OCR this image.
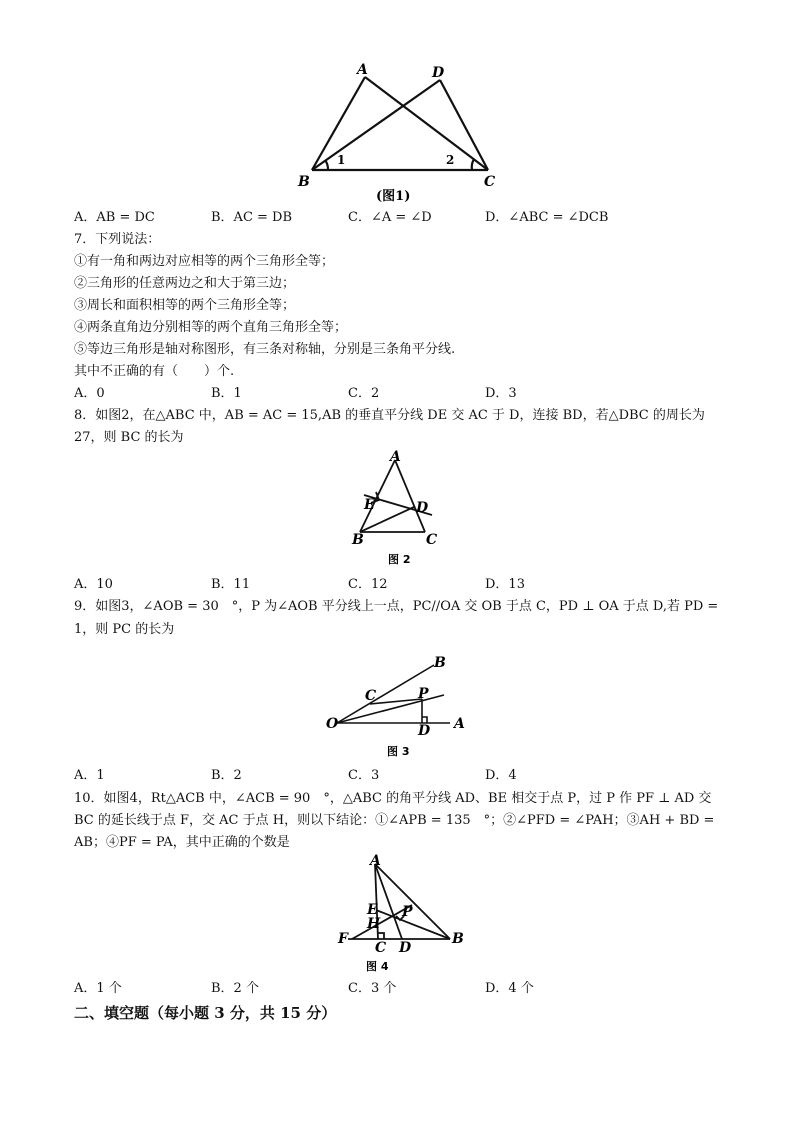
A	D
B	C
1	2
(图1)
A．AB = DC	B．AC = DB	C．∠A = ∠D	D．∠ABC = ∠DCB
7．下列说法：
①有一角和两边对应相等的两个三角形全等；
②三角形的任意两边之和大于第三边；
③周长和面积相等的两个三角形全等；
④两条直角边分别相等的两个直角三角形全等；
⑤等边三角形是轴对称图形，有三条对称轴，分别是三条角平分线.
其中不正确的有（　　）个.
A．0	B．1	C．2	D．3
8．如图2，在△ABC 中，AB = AC = 15,AB 的垂直平分线 DE 交 AC 于 D，连接 BD，若△DBC 的周长为
27，则 BC 的长为
A
E	D
B	C
图 2
A．10	B．11	C．12	D．13
9．如图3，∠AOB = 30　°，P 为∠AOB 平分线上一点，PC//OA 交 OB 于点 C，PD ⊥ OA 于点 D,若 PD =
1，则 PC 的长为
B
C	P
O	D A
图 3
A．1	B．2	C．3	D．4
10．如图4，Rt△ACB 中，∠ACB = 90　°，△ABC 的角平分线 AD、BE 相交于点 P，过 P 作 PF ⊥ AD 交
BC 的延长线于点 F，交 AC 于点 H，则以下结论：①∠APB = 135　°；②∠PFD = ∠PAH；③AH + BD =
AB；④PF = PA，其中正确的个数是
A
E
H
P
F
C D
B
图 4
A．1 个	B．2 个	C．3 个	D．4 个
二、填空题（每小题 3 分，共 15 分）
